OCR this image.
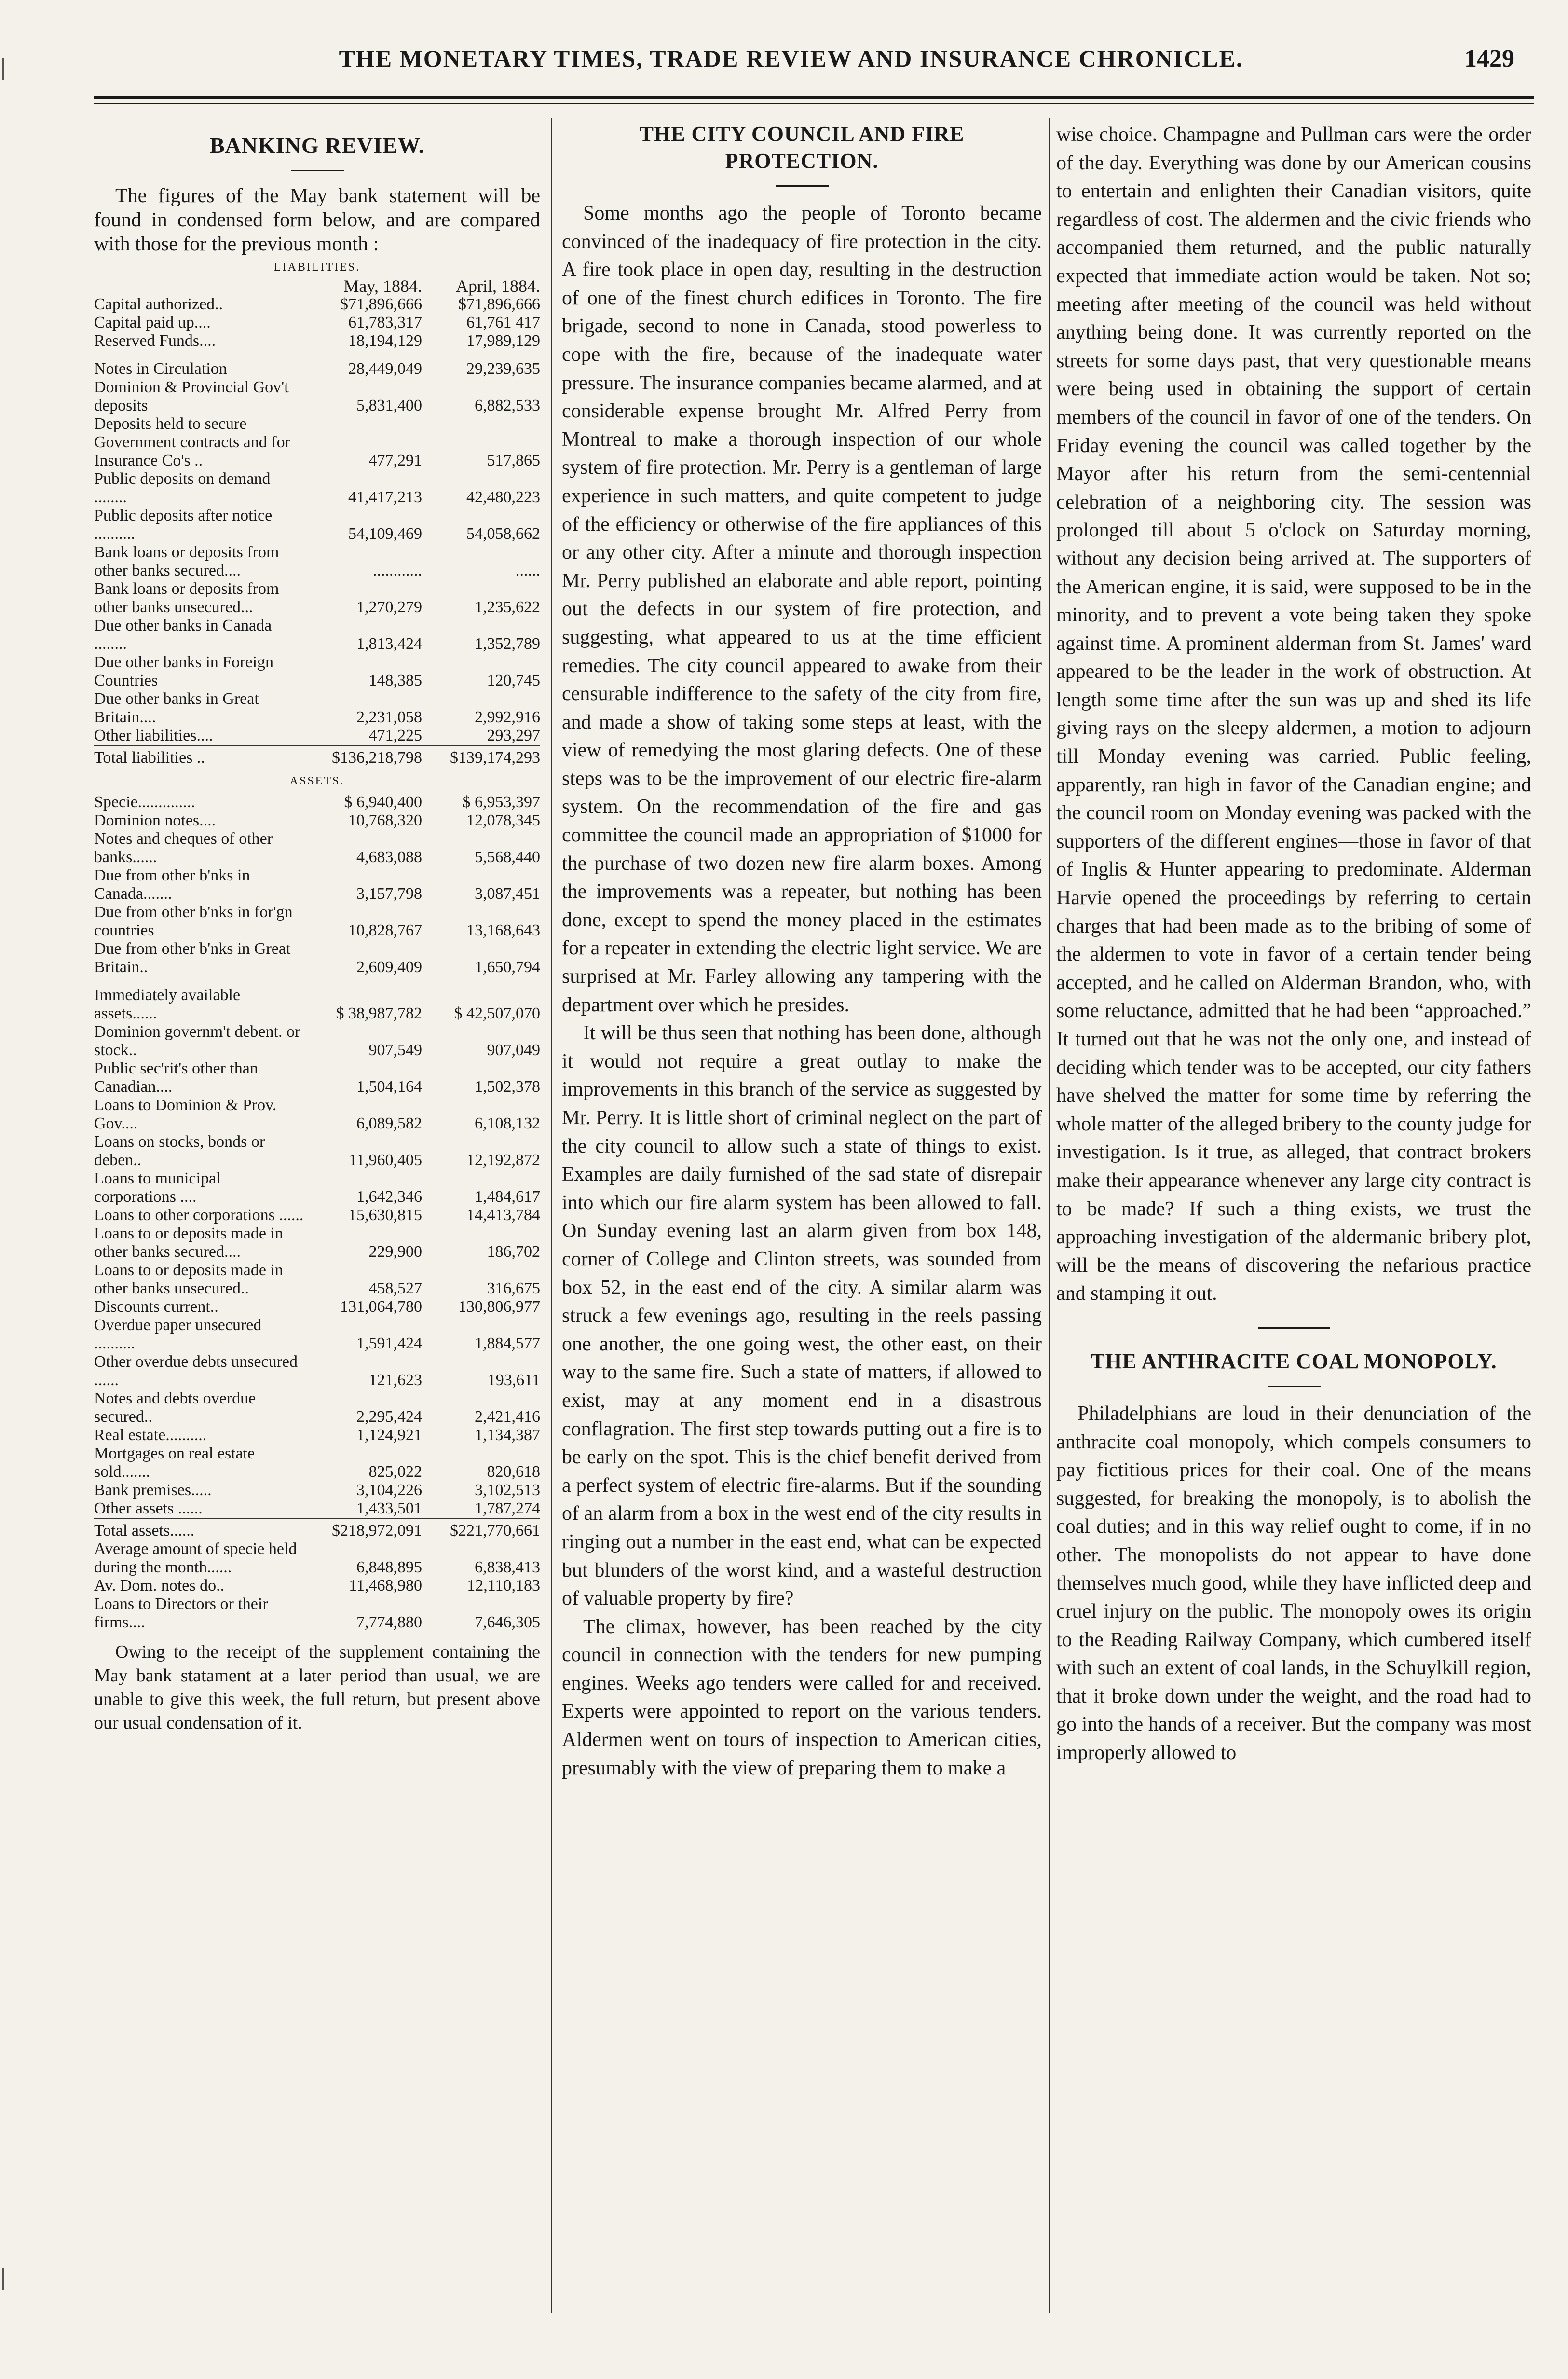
THE MONETARY TIMES, TRADE REVIEW AND INSURANCE CHRONICLE.	1429
BANKING REVIEW.

The figures of the May bank statement will be found in condensed form below, and are compared with those for the previous month :

LIABILITIES.
	May, 1884.	April, 1884.
Capital authorized..	$71,896,666	$71,896,666
Capital paid up....	61,783,317	61,761 417
Reserved Funds....	18,194,129	17,989,129

Notes in Circulation	28,449,049	29,239,635
Dominion & Provincial Gov't deposits	5,831,400	6,882,533
Deposits held to secure Government contracts and for Insurance Co's ..	477,291	517,865
Public deposits on demand ........	41,417,213	42,480,223
Public deposits after notice ..........	54,109,469	54,058,662
Bank loans or deposits from other banks secured....	............	......
Bank loans or deposits from other banks unsecured...	1,270,279	1,235,622
Due other banks in Canada ........	1,813,424	1,352,789
Due other banks in Foreign Countries	148,385	120,745
Due other banks in Great Britain....	2,231,058	2,992,916
Other liabilities....	471,225	293,297
Total liabilities ..	$136,218,798	$139,174,293

ASSETS.		

Specie..............	$ 6,940,400	$ 6,953,397
Dominion notes....	10,768,320	12,078,345
Notes and cheques of other banks......	4,683,088	5,568,440
Due from other b'nks in Canada.......	3,157,798	3,087,451
Due from other b'nks in for'gn countries	10,828,767	13,168,643
Due from other b'nks in Great Britain..	2,609,409	1,650,794

Immediately available assets......	$ 38,987,782	$ 42,507,070
Dominion governm't debent. or stock..	907,549	907,049
Public sec'rit's other than Canadian....	1,504,164	1,502,378
Loans to Dominion & Prov. Gov....	6,089,582	6,108,132
Loans on stocks, bonds or deben..	11,960,405	12,192,872
Loans to municipal corporations ....	1,642,346	1,484,617
Loans to other corporations ......	15,630,815	14,413,784
Loans to or deposits made in other banks secured....	229,900	186,702
Loans to or deposits made in other banks unsecured..	458,527	316,675
Discounts current..	131,064,780	130,806,977
Overdue paper unsecured ..........	1,591,424	1,884,577
Other overdue debts unsecured ......	121,623	193,611
Notes and debts overdue secured..	2,295,424	2,421,416
Real estate..........	1,124,921	1,134,387
Mortgages on real estate sold.......	825,022	820,618
Bank premises.....	3,104,226	3,102,513
Other assets ......	1,433,501	1,787,274
Total assets......	$218,972,091	$221,770,661
Average amount of specie held during the month......	6,848,895	6,838,413
Av. Dom. notes do..	11,468,980	12,110,183
Loans to Directors or their firms....	7,774,880	7,646,305

Owing to the receipt of the supplement containing the May bank statament at a later period than usual, we are unable to give this week, the full return, but present above our usual condensation of it.

THE CITY COUNCIL AND FIRE PROTECTION.

Some months ago the people of Toronto became convinced of the inadequacy of fire protection in the city. A fire took place in open day, resulting in the destruction of one of the finest church edifices in Toronto. The fire brigade, second to none in Canada, stood powerless to cope with the fire, because of the inadequate water pressure. The insurance companies became alarmed, and at considerable expense brought Mr. Alfred Perry from Montreal to make a thorough inspection of our whole system of fire protection. Mr. Perry is a gentleman of large experience in such matters, and quite competent to judge of the efficiency or otherwise of the fire appliances of this or any other city. After a minute and thorough inspection Mr. Perry published an elaborate and able report, pointing out the defects in our system of fire protection, and suggesting, what appeared to us at the time efficient remedies. The city council appeared to awake from their censurable indifference to the safety of the city from fire, and made a show of taking some steps at least, with the view of remedying the most glaring defects. One of these steps was to be the improvement of our electric fire-alarm system. On the recommendation of the fire and gas committee the council made an appropriation of $1000 for the purchase of two dozen new fire alarm boxes. Among the improvements was a repeater, but nothing has been done, except to spend the money placed in the estimates for a repeater in extending the electric light service. We are surprised at Mr. Farley allowing any tampering with the department over which he presides.

It will be thus seen that nothing has been done, although it would not require a great outlay to make the improvements in this branch of the service as suggested by Mr. Perry. It is little short of criminal neglect on the part of the city council to allow such a state of things to exist. Examples are daily furnished of the sad state of disrepair into which our fire alarm system has been allowed to fall. On Sunday evening last an alarm given from box 148, corner of College and Clinton streets, was sounded from box 52, in the east end of the city. A similar alarm was struck a few evenings ago, resulting in the reels passing one another, the one going west, the other east, on their way to the same fire. Such a state of matters, if allowed to exist, may at any moment end in a disastrous conflagration. The first step towards putting out a fire is to be early on the spot. This is the chief benefit derived from a perfect system of electric fire-alarms. But if the sounding of an alarm from a box in the west end of the city results in ringing out a number in the east end, what can be expected but blunders of the worst kind, and a wasteful destruction of valuable property by fire?

The climax, however, has been reached by the city council in connection with the tenders for new pumping engines. Weeks ago tenders were called for and received. Experts were appointed to report on the various tenders. Aldermen went on tours of inspection to American cities, presumably with the view of preparing them to make a

wise choice. Champagne and Pullman cars were the order of the day. Everything was done by our American cousins to entertain and enlighten their Canadian visitors, quite regardless of cost. The aldermen and the civic friends who accompanied them returned, and the public naturally expected that immediate action would be taken. Not so; meeting after meeting of the council was held without anything being done. It was currently reported on the streets for some days past, that very questionable means were being used in obtaining the support of certain members of the council in favor of one of the tenders. On Friday evening the council was called together by the Mayor after his return from the semi-centennial celebration of a neighboring city. The session was prolonged till about 5 o'clock on Saturday morning, without any decision being arrived at. The supporters of the American engine, it is said, were supposed to be in the minority, and to prevent a vote being taken they spoke against time. A prominent alderman from St. James' ward appeared to be the leader in the work of obstruction. At length some time after the sun was up and shed its life giving rays on the sleepy aldermen, a motion to adjourn till Monday evening was carried. Public feeling, apparently, ran high in favor of the Canadian engine; and the council room on Monday evening was packed with the supporters of the different engines—those in favor of that of Inglis & Hunter appearing to predominate. Alderman Harvie opened the proceedings by referring to certain charges that had been made as to the bribing of some of the aldermen to vote in favor of a certain tender being accepted, and he called on Alderman Brandon, who, with some reluctance, admitted that he had been “approached.” It turned out that he was not the only one, and instead of deciding which tender was to be accepted, our city fathers have shelved the matter for some time by referring the whole matter of the alleged bribery to the county judge for investigation. Is it true, as alleged, that contract brokers make their appearance whenever any large city contract is to be made? If such a thing exists, we trust the approaching investigation of the aldermanic bribery plot, will be the means of discovering the nefarious practice and stamping it out.

THE ANTHRACITE COAL MONOPOLY.

Philadelphians are loud in their denunciation of the anthracite coal monopoly, which compels consumers to pay fictitious prices for their coal. One of the means suggested, for breaking the monopoly, is to abolish the coal duties; and in this way relief ought to come, if in no other. The monopolists do not appear to have done themselves much good, while they have inflicted deep and cruel injury on the public. The monopoly owes its origin to the Reading Railway Company, which cumbered itself with such an extent of coal lands, in the Schuylkill region, that it broke down under the weight, and the road had to go into the hands of a receiver. But the company was most improperly allowed to
